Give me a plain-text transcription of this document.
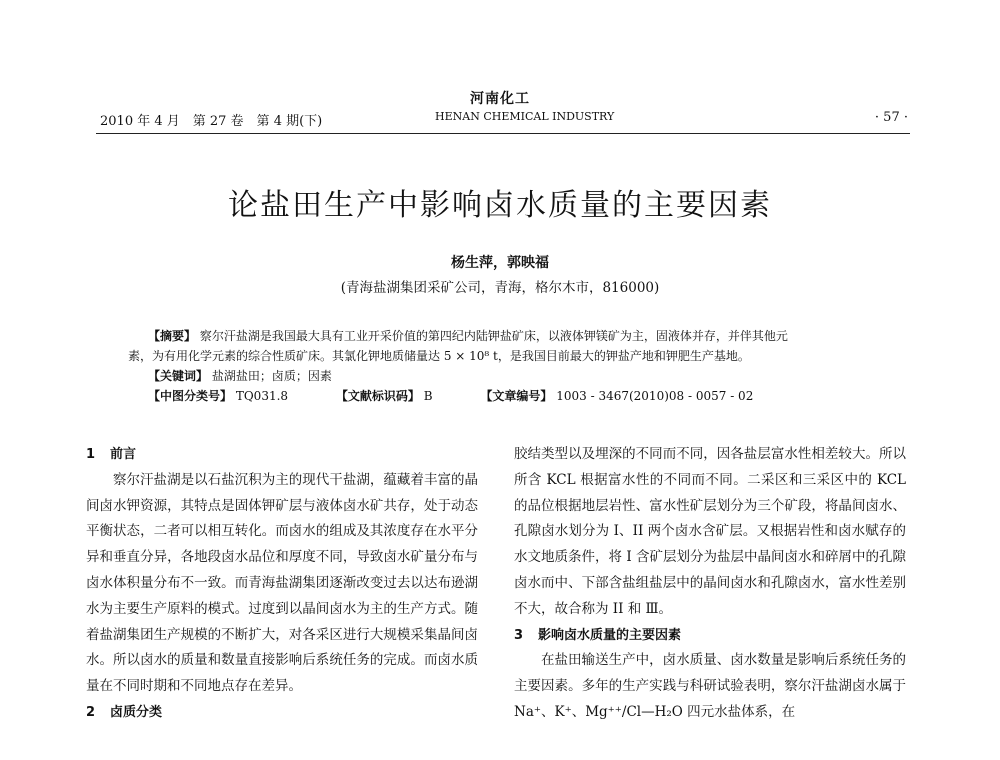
河南化工
2010 年 4 月　第 27 卷　第 4 期(下)	HENAN CHEMICAL INDUSTRY	· 57 ·
论盐田生产中影响卤水质量的主要因素
杨生萍，郭映福
(青海盐湖集团采矿公司，青海，格尔木市，816000)

【摘要】 察尔汗盐湖是我国最大具有工业开采价值的第四纪内陆钾盐矿床，以液体钾镁矿为主，固液体并存，并伴其他元

素，为有用化学元素的综合性质矿床。其氯化钾地质储量达 5 × 10⁸ t，是我国目前最大的钾盐产地和钾肥生产基地。

【关键词】 盐湖盐田；卤质；因素

【中图分类号】 TQ031.8	【文献标识码】 B	【文章编号】 1003 - 3467(2010)08 - 0057 - 02

1 前言

察尔汗盐湖是以石盐沉积为主的现代干盐湖，蕴藏着丰富的晶间卤水钾资源，其特点是固体钾矿层与液体卤水矿共存，处于动态平衡状态，二者可以相互转化。而卤水的组成及其浓度存在水平分异和垂直分异，各地段卤水品位和厚度不同，导致卤水矿量分布与卤水体积量分布不一致。而青海盐湖集团逐渐改变过去以达布逊湖水为主要生产原料的模式。过度到以晶间卤水为主的生产方式。随着盐湖集团生产规模的不断扩大，对各采区进行大规模采集晶间卤水。所以卤水的质量和数量直接影响后系统任务的完成。而卤水质量在不同时期和不同地点存在差异。

2 卤质分类

胶结类型以及埋深的不同而不同，因各盐层富水性相差较大。所以所含 KCL 根据富水性的不同而不同。二采区和三采区中的 KCL 的品位根据地层岩性、富水性矿层划分为三个矿段，将晶间卤水、孔隙卤水划分为 I、II 两个卤水含矿层。又根据岩性和卤水赋存的水文地质条件，将 I 含矿层划分为盐层中晶间卤水和碎屑中的孔隙卤水而中、下部含盐组盐层中的晶间卤水和孔隙卤水，富水性差别不大，故合称为 II 和 Ⅲ。

3 影响卤水质量的主要因素

在盐田输送生产中，卤水质量、卤水数量是影响后系统任务的主要因素。多年的生产实践与科研试验表明，察尔汗盐湖卤水属于 Na⁺、K⁺、Mg⁺⁺/Cl—H₂O 四元水盐体系，在
